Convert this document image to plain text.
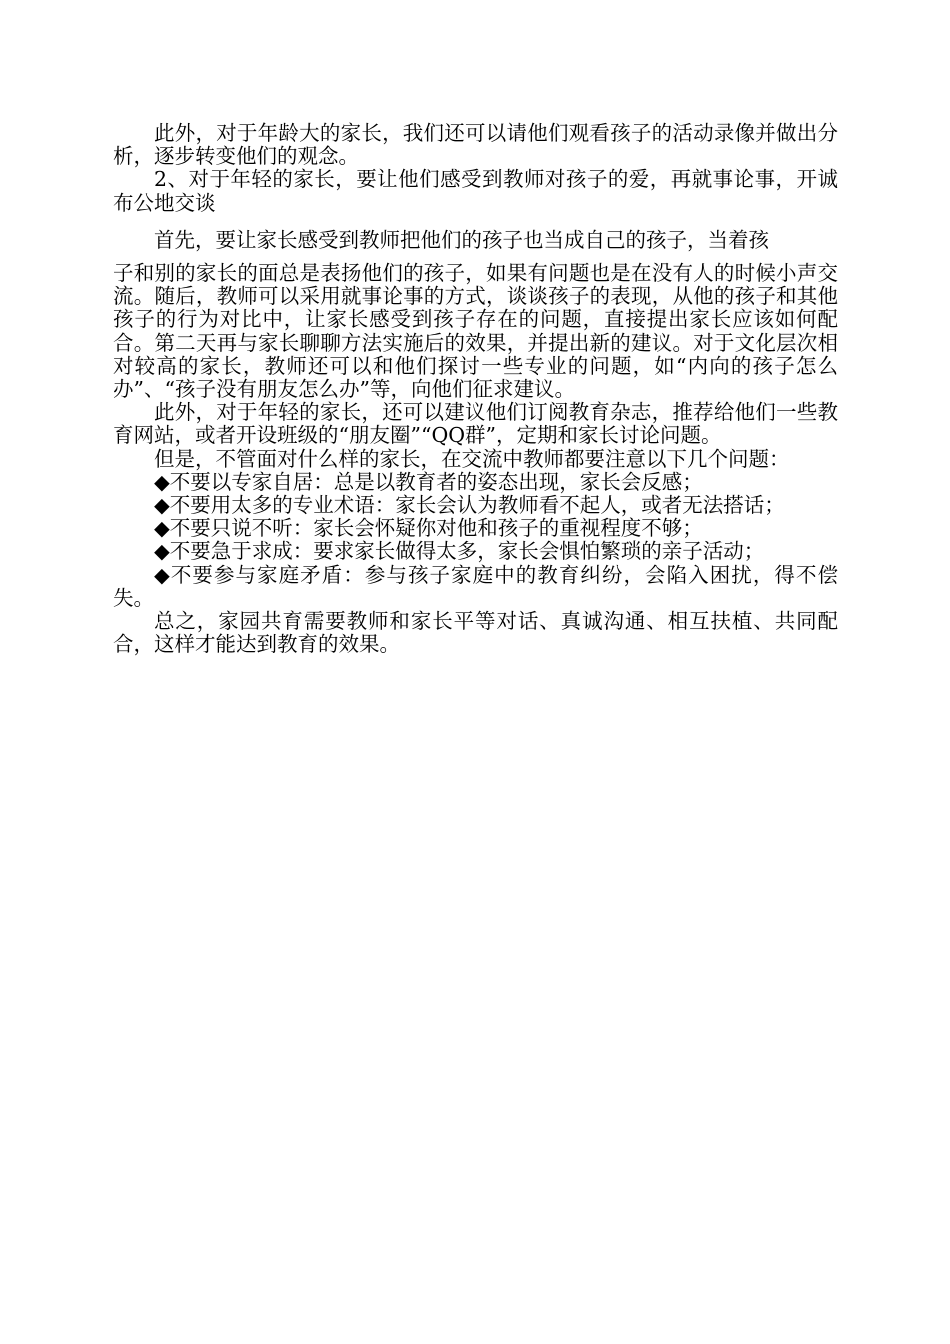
此外，对于年龄大的家长，我们还可以请他们观看孩子的活动录像并做出分析，逐步转变他们的观念。

2、对于年轻的家长，要让他们感受到教师对孩子的爱，再就事论事，开诚布公地交谈

首先，要让家长感受到教师把他们的孩子也当成自己的孩子，当着孩

子和别的家长的面总是表扬他们的孩子，如果有问题也是在没有人的时候小声交流。随后，教师可以采用就事论事的方式，谈谈孩子的表现，从他的孩子和其他孩子的行为对比中，让家长感受到孩子存在的问题，直接提出家长应该如何配合。第二天再与家长聊聊方法实施后的效果，并提出新的建议。对于文化层次相对较高的家长，教师还可以和他们探讨一些专业的问题，如“内向的孩子怎么办”、“孩子没有朋友怎么办”等，向他们征求建议。

此外，对于年轻的家长，还可以建议他们订阅教育杂志，推荐给他们一些教育网站，或者开设班级的“朋友圈”“QQ群”，定期和家长讨论问题。

但是，不管面对什么样的家长，在交流中教师都要注意以下几个问题：

◆不要以专家自居：总是以教育者的姿态出现，家长会反感；

◆不要用太多的专业术语：家长会认为教师看不起人，或者无法搭话；

◆不要只说不听：家长会怀疑你对他和孩子的重视程度不够；

◆不要急于求成：要求家长做得太多，家长会惧怕繁琐的亲子活动；

◆不要参与家庭矛盾：参与孩子家庭中的教育纠纷，会陷入困扰，得不偿失。

总之，家园共育需要教师和家长平等对话、真诚沟通、相互扶植、共同配合，这样才能达到教育的效果。
